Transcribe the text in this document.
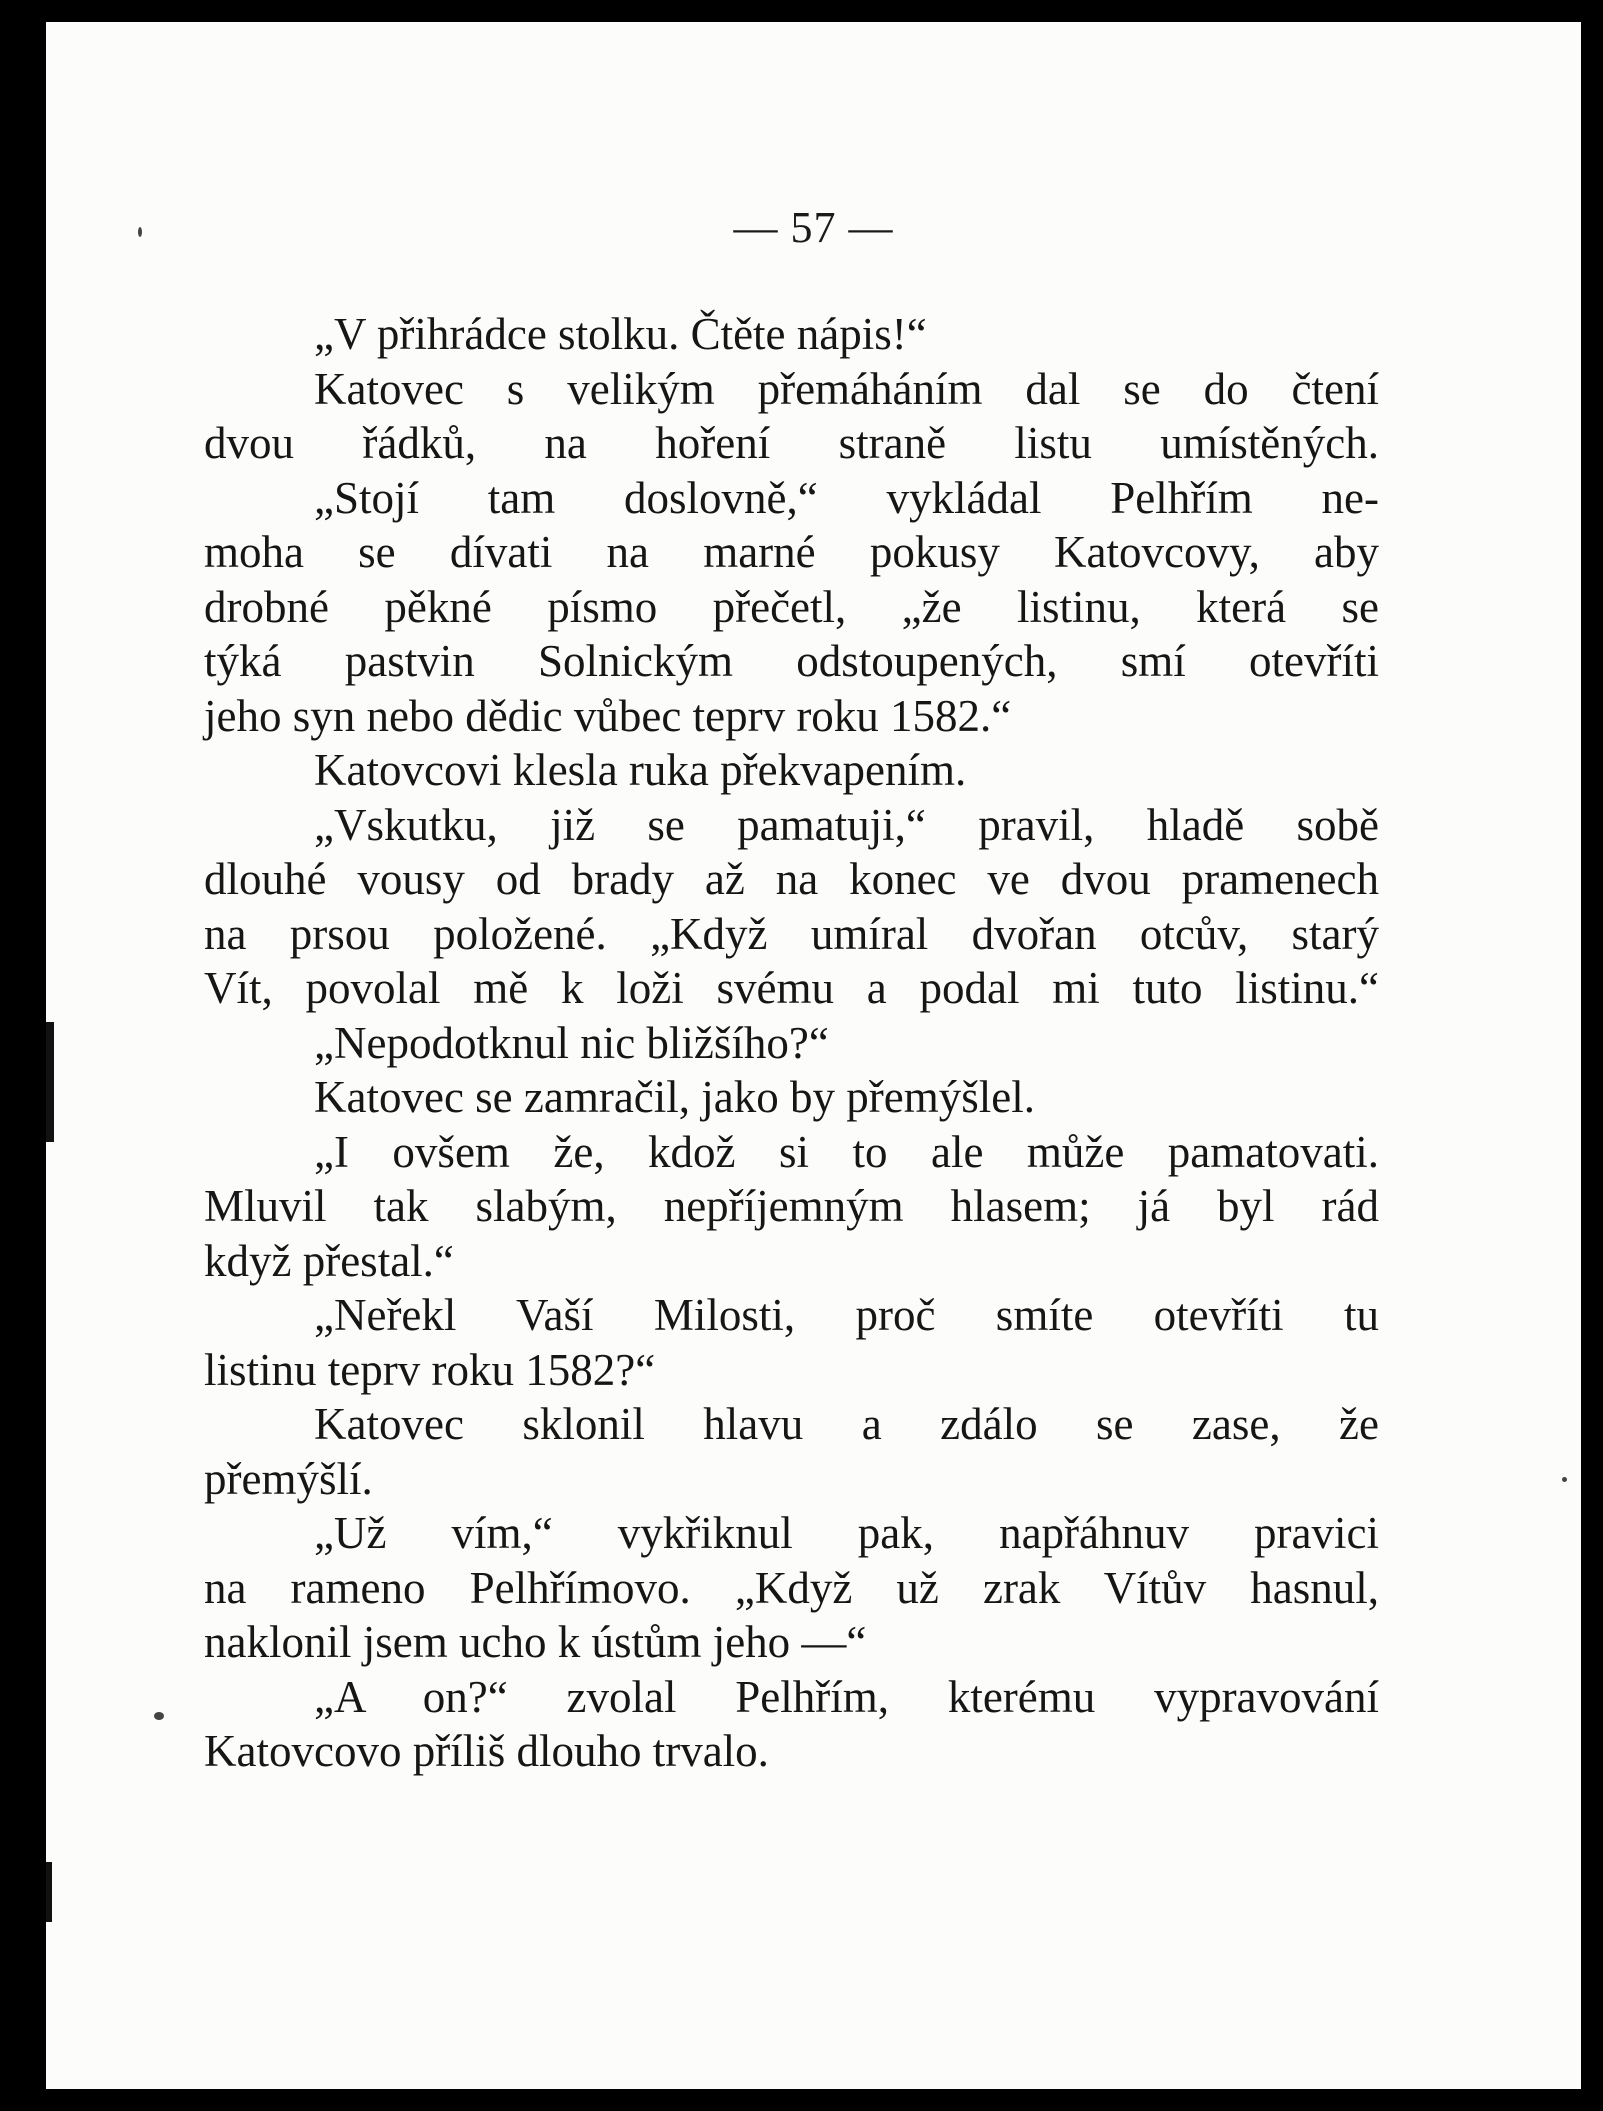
— 57 —
„V přihrádce stolku. Čtěte nápis!“
Katovec s velikým přemáháním dal se do čtení
dvou řádků, na hoření straně listu umístěných.
„Stojí tam doslovně,“ vykládal Pelhřím ne-
moha se dívati na marné pokusy Katovcovy, aby
drobné pěkné písmo přečetl, „že listinu, která se
týká pastvin Solnickým odstoupených, smí otevříti
jeho syn nebo dědic vůbec teprv roku 1582.“
Katovcovi klesla ruka překvapením.
„Vskutku, již se pamatuji,“ pravil, hladě sobě
dlouhé vousy od brady až na konec ve dvou pramenech
na prsou položené. „Když umíral dvořan otcův, starý
Vít, povolal mě k loži svému a podal mi tuto listinu.“
„Nepodotknul nic bližšího?“
Katovec se zamračil, jako by přemýšlel.
„I ovšem že, kdož si to ale může pamatovati.
Mluvil tak slabým, nepříjemným hlasem; já byl rád
když přestal.“
„Neřekl Vaší Milosti, proč smíte otevříti tu
listinu teprv roku 1582?“
Katovec sklonil hlavu a zdálo se zase, že
přemýšlí.
„Už vím,“ vykřiknul pak, napřáhnuv pravici
na rameno Pelhřímovo. „Když už zrak Vítův hasnul,
naklonil jsem ucho k ústům jeho —“
„A on?“ zvolal Pelhřím, kterému vypravování
Katovcovo příliš dlouho trvalo.
